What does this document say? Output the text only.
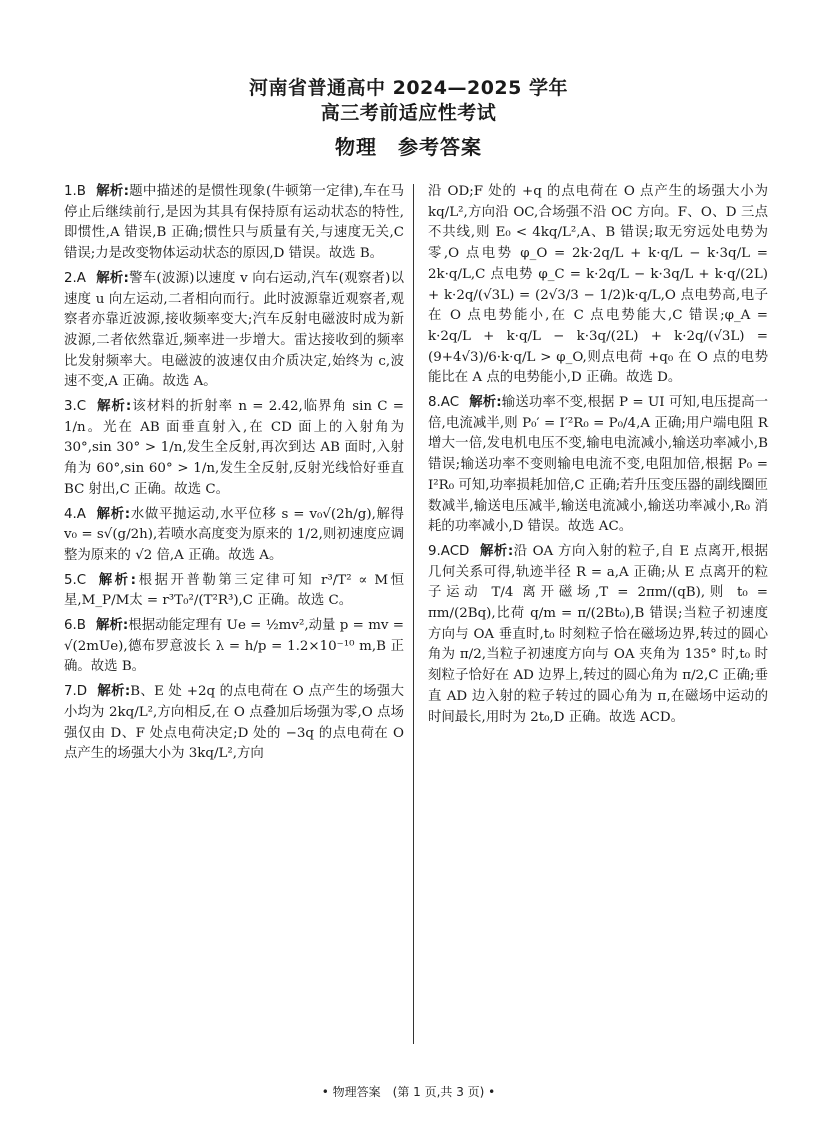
河南省普通高中 2024—2025 学年
高三考前适应性考试
物理　参考答案

1.B 解析:题中描述的是惯性现象(牛顿第一定律),车在马停止后继续前行,是因为其具有保持原有运动状态的特性,即惯性,A 错误,B 正确;惯性只与质量有关,与速度无关,C 错误;力是改变物体运动状态的原因,D 错误。故选 B。

2.A 解析:警车(波源)以速度 v 向右运动,汽车(观察者)以速度 u 向左运动,二者相向而行。此时波源靠近观察者,观察者亦靠近波源,接收频率变大;汽车反射电磁波时成为新波源,二者依然靠近,频率进一步增大。雷达接收到的频率比发射频率大。电磁波的波速仅由介质决定,始终为 c,波速不变,A 正确。故选 A。

3.C 解析:该材料的折射率 n = 2.42,临界角 sin C = 1/n。光在 AB 面垂直射入,在 CD 面上的入射角为 30°,sin 30° > 1/n,发生全反射,再次到达 AB 面时,入射角为 60°,sin 60° > 1/n,发生全反射,反射光线恰好垂直 BC 射出,C 正确。故选 C。

4.A 解析:水做平抛运动,水平位移 s = v₀√(2h/g),解得 v₀ = s√(g/2h),若喷水高度变为原来的 1/2,则初速度应调整为原来的 √2 倍,A 正确。故选 A。

5.C 解析:根据开普勒第三定律可知 r³/T² ∝ M恒星,M_P/M太 = r³T₀²/(T²R³),C 正确。故选 C。

6.B 解析:根据动能定理有 Ue = ½mv²,动量 p = mv = √(2mUe),德布罗意波长 λ = h/p = 1.2×10⁻¹⁰ m,B 正确。故选 B。

7.D 解析:B、E 处 +2q 的点电荷在 O 点产生的场强大小均为 2kq/L²,方向相反,在 O 点叠加后场强为零,O 点场强仅由 D、F 处点电荷决定;D 处的 −3q 的点电荷在 O 点产生的场强大小为 3kq/L²,方向

沿 OD;F 处的 +q 的点电荷在 O 点产生的场强大小为 kq/L²,方向沿 OC,合场强不沿 OC 方向。F、O、D 三点不共线,则 E₀ < 4kq/L²,A、B 错误;取无穷远处电势为零,O 点电势 φ_O = 2k·2q/L + k·q/L − k·3q/L = 2k·q/L,C 点电势 φ_C = k·2q/L − k·3q/L + k·q/(2L) + k·2q/(√3L) = (2√3/3 − 1/2)k·q/L,O 点电势高,电子在 O 点电势能小,在 C 点电势能大,C 错误;φ_A = k·2q/L + k·q/L − k·3q/(2L) + k·2q/(√3L) = (9+4√3)/6·k·q/L > φ_O,则点电荷 +q₀ 在 O 点的电势能比在 A 点的电势能小,D 正确。故选 D。

8.AC 解析:输送功率不变,根据 P = UI 可知,电压提高一倍,电流减半,则 P₀′ = I′²R₀ = P₀/4,A 正确;用户端电阻 R 增大一倍,发电机电压不变,输电电流减小,输送功率减小,B 错误;输送功率不变则输电电流不变,电阻加倍,根据 P₀ = I²R₀ 可知,功率损耗加倍,C 正确;若升压变压器的副线圈匝数减半,输送电压减半,输送电流减小,输送功率减小,R₀ 消耗的功率减小,D 错误。故选 AC。

9.ACD 解析:沿 OA 方向入射的粒子,自 E 点离开,根据几何关系可得,轨迹半径 R = a,A 正确;从 E 点离开的粒子运动 T/4 离开磁场,T = 2πm/(qB),则 t₀ = πm/(2Bq),比荷 q/m = π/(2Bt₀),B 错误;当粒子初速度方向与 OA 垂直时,t₀ 时刻粒子恰在磁场边界,转过的圆心角为 π/2,当粒子初速度方向与 OA 夹角为 135° 时,t₀ 时刻粒子恰好在 AD 边界上,转过的圆心角为 π/2,C 正确;垂直 AD 边入射的粒子转过的圆心角为 π,在磁场中运动的时间最长,用时为 2t₀,D 正确。故选 ACD。

• 物理答案　(第 1 页,共 3 页) •
